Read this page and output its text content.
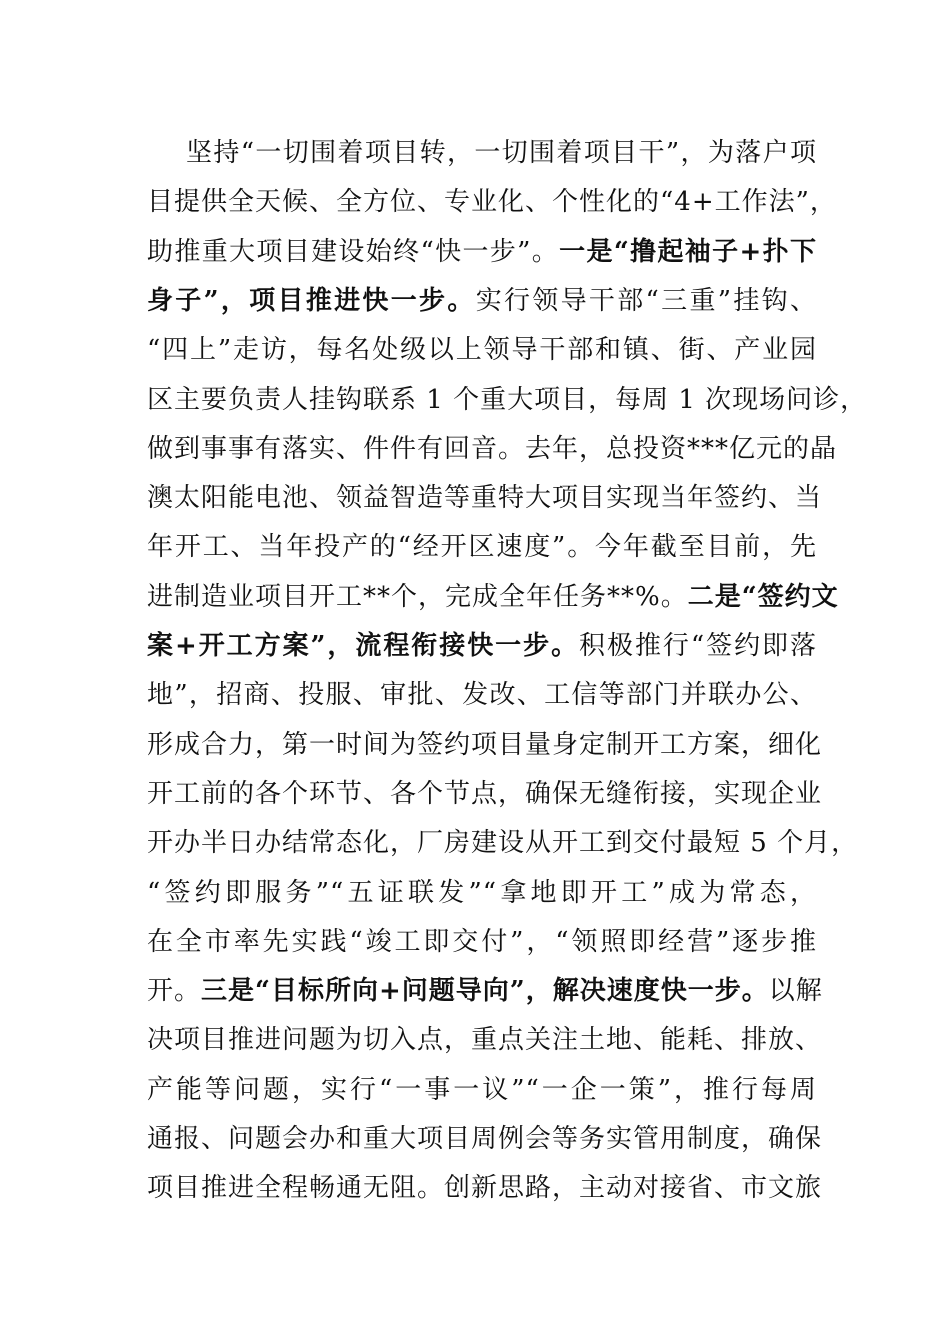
坚持“一切围着项目转，一切围着项目干”，为落户项
目提供全天候、全方位、专业化、个性化的“4+工作法”，
助推重大项目建设始终“快一步”。一是“撸起袖子+扑下
身子”，项目推进快一步。实行领导干部“三重”挂钩、
“四上”走访，每名处级以上领导干部和镇、街、产业园
区主要负责人挂钩联系 1 个重大项目，每周 1 次现场问诊，
做到事事有落实、件件有回音。去年，总投资***亿元的晶
澳太阳能电池、领益智造等重特大项目实现当年签约、当
年开工、当年投产的“经开区速度”。今年截至目前，先
进制造业项目开工**个，完成全年任务**%。二是“签约文
案+开工方案”，流程衔接快一步。积极推行“签约即落
地”，招商、投服、审批、发改、工信等部门并联办公、
形成合力，第一时间为签约项目量身定制开工方案，细化
开工前的各个环节、各个节点，确保无缝衔接，实现企业
开办半日办结常态化，厂房建设从开工到交付最短 5 个月，
“签约即服务”“五证联发”“拿地即开工”成为常态，
在全市率先实践“竣工即交付”，“领照即经营”逐步推
开。三是“目标所向+问题导向”，解决速度快一步。以解
决项目推进问题为切入点，重点关注土地、能耗、排放、
产能等问题，实行“一事一议”“一企一策”，推行每周
通报、问题会办和重大项目周例会等务实管用制度，确保
项目推进全程畅通无阻。创新思路，主动对接省、市文旅
